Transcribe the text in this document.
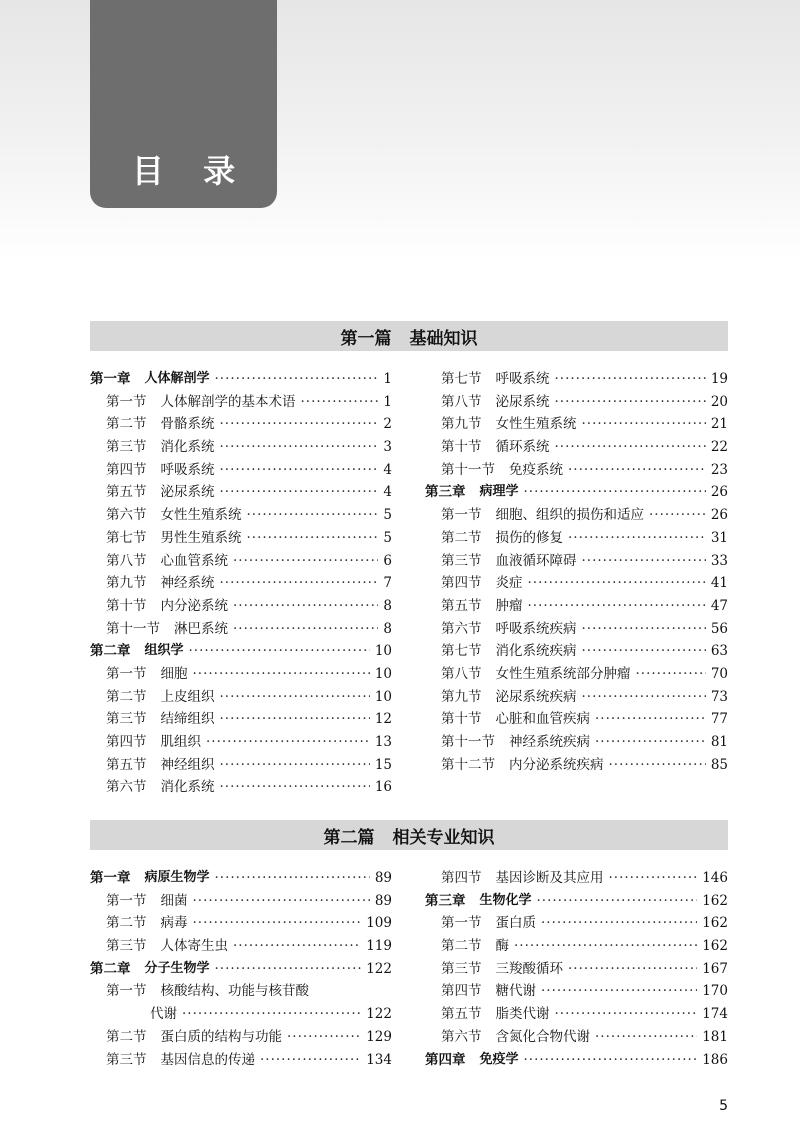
目 录
第一篇 基础知识
第一章 人体解剖学 ·····	1
第一节 人体解剖学的基本术语 ·····	1
第二节 骨骼系统 ·····	2
第三节 消化系统 ·····	3
第四节 呼吸系统 ·····	4
第五节 泌尿系统 ·····	4
第六节 女性生殖系统 ·····	5
第七节 男性生殖系统 ·····	5
第八节 心血管系统 ·····	6
第九节 神经系统 ·····	7
第十节 内分泌系统 ·····	8
第十一节 淋巴系统 ·····	8
第二章 组织学 ·····	10
第一节 细胞 ·····	10
第二节 上皮组织 ·····	10
第三节 结缔组织 ·····	12
第四节 肌组织 ·····	13
第五节 神经组织 ·····	15
第六节 消化系统 ·····	16
第七节 呼吸系统 ·····	19
第八节 泌尿系统 ·····	20
第九节 女性生殖系统 ·····	21
第十节 循环系统 ·····	22
第十一节 免疫系统 ·····	23
第三章 病理学 ·····	26
第一节 细胞、组织的损伤和适应 ·····	26
第二节 损伤的修复 ·····	31
第三节 血液循环障碍 ·····	33
第四节 炎症 ·····	41
第五节 肿瘤 ·····	47
第六节 呼吸系统疾病 ·····	56
第七节 消化系统疾病 ·····	63
第八节 女性生殖系统部分肿瘤 ·····	70
第九节 泌尿系统疾病 ·····	73
第十节 心脏和血管疾病 ·····	77
第十一节 神经系统疾病 ·····	81
第十二节 内分泌系统疾病 ·····	85
第二篇 相关专业知识
第一章 病原生物学 ·····	89
第一节 细菌 ·····	89
第二节 病毒 ·····	109
第三节 人体寄生虫 ·····	119
第二章 分子生物学 ·····	122
第一节 核酸结构、功能与核苷酸
代谢 ·····	122
第二节 蛋白质的结构与功能 ·····	129
第三节 基因信息的传递 ·····	134
第四节 基因诊断及其应用 ·····	146
第三章 生物化学 ·····	162
第一节 蛋白质 ·····	162
第二节 酶 ·····	162
第三节 三羧酸循环 ·····	167
第四节 糖代谢 ·····	170
第五节 脂类代谢 ·····	174
第六节 含氮化合物代谢 ·····	181
第四章 免疫学 ·····	186
5
